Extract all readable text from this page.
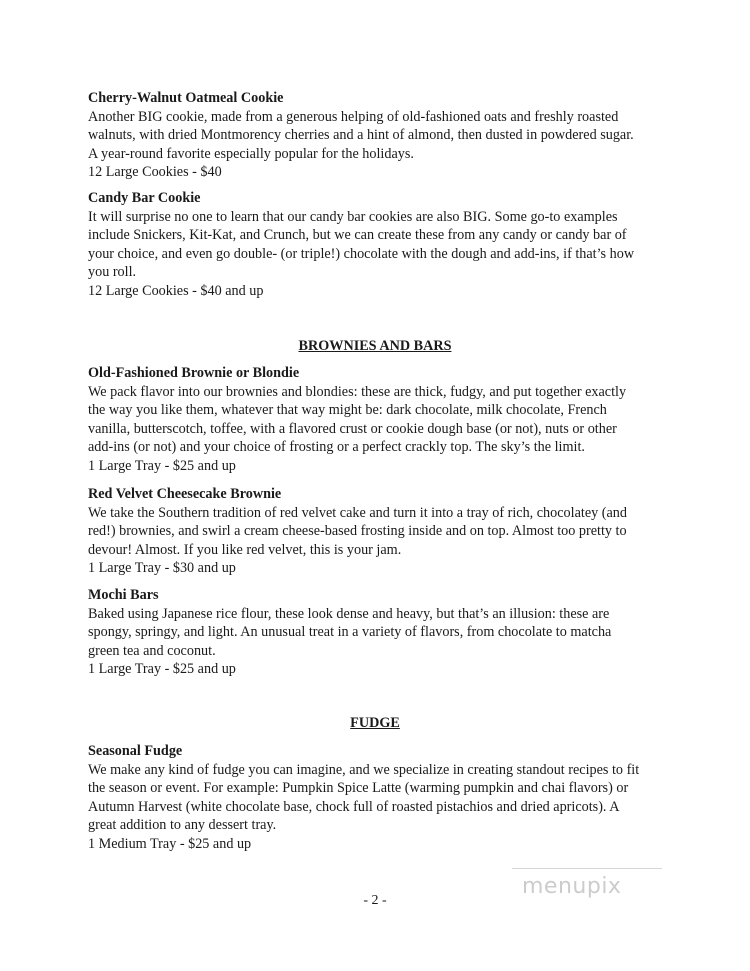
Cherry-Walnut Oatmeal Cookie

Another BIG cookie, made from a generous helping of old-fashioned oats and freshly roasted

walnuts, with dried Montmorency cherries and a hint of almond, then dusted in powdered sugar.

A year-round favorite especially popular for the holidays.

12 Large Cookies - $40

Candy Bar Cookie

It will surprise no one to learn that our candy bar cookies are also BIG. Some go-to examples

include Snickers, Kit-Kat, and Crunch, but we can create these from any candy or candy bar of

your choice, and even go double- (or triple!) chocolate with the dough and add-ins, if that’s how

you roll.

12 Large Cookies - $40 and up

BROWNIES AND BARS

Old-Fashioned Brownie or Blondie

We pack flavor into our brownies and blondies: these are thick, fudgy, and put together exactly

the way you like them, whatever that way might be: dark chocolate, milk chocolate, French

vanilla, butterscotch, toffee, with a flavored crust or cookie dough base (or not), nuts or other

add-ins (or not) and your choice of frosting or a perfect crackly top. The sky’s the limit.

1 Large Tray - $25 and up

Red Velvet Cheesecake Brownie

We take the Southern tradition of red velvet cake and turn it into a tray of rich, chocolatey (and

red!) brownies, and swirl a cream cheese-based frosting inside and on top. Almost too pretty to

devour! Almost. If you like red velvet, this is your jam.

1 Large Tray - $30 and up

Mochi Bars

Baked using Japanese rice flour, these look dense and heavy, but that’s an illusion: these are

spongy, springy, and light. An unusual treat in a variety of flavors, from chocolate to matcha

green tea and coconut.

1 Large Tray - $25 and up

FUDGE

Seasonal Fudge

We make any kind of fudge you can imagine, and we specialize in creating standout recipes to fit

the season or event. For example: Pumpkin Spice Latte (warming pumpkin and chai flavors) or

Autumn Harvest (white chocolate base, chock full of roasted pistachios and dried apricots). A

great addition to any dessert tray.

1 Medium Tray - $25 and up

menupix
- 2 -
